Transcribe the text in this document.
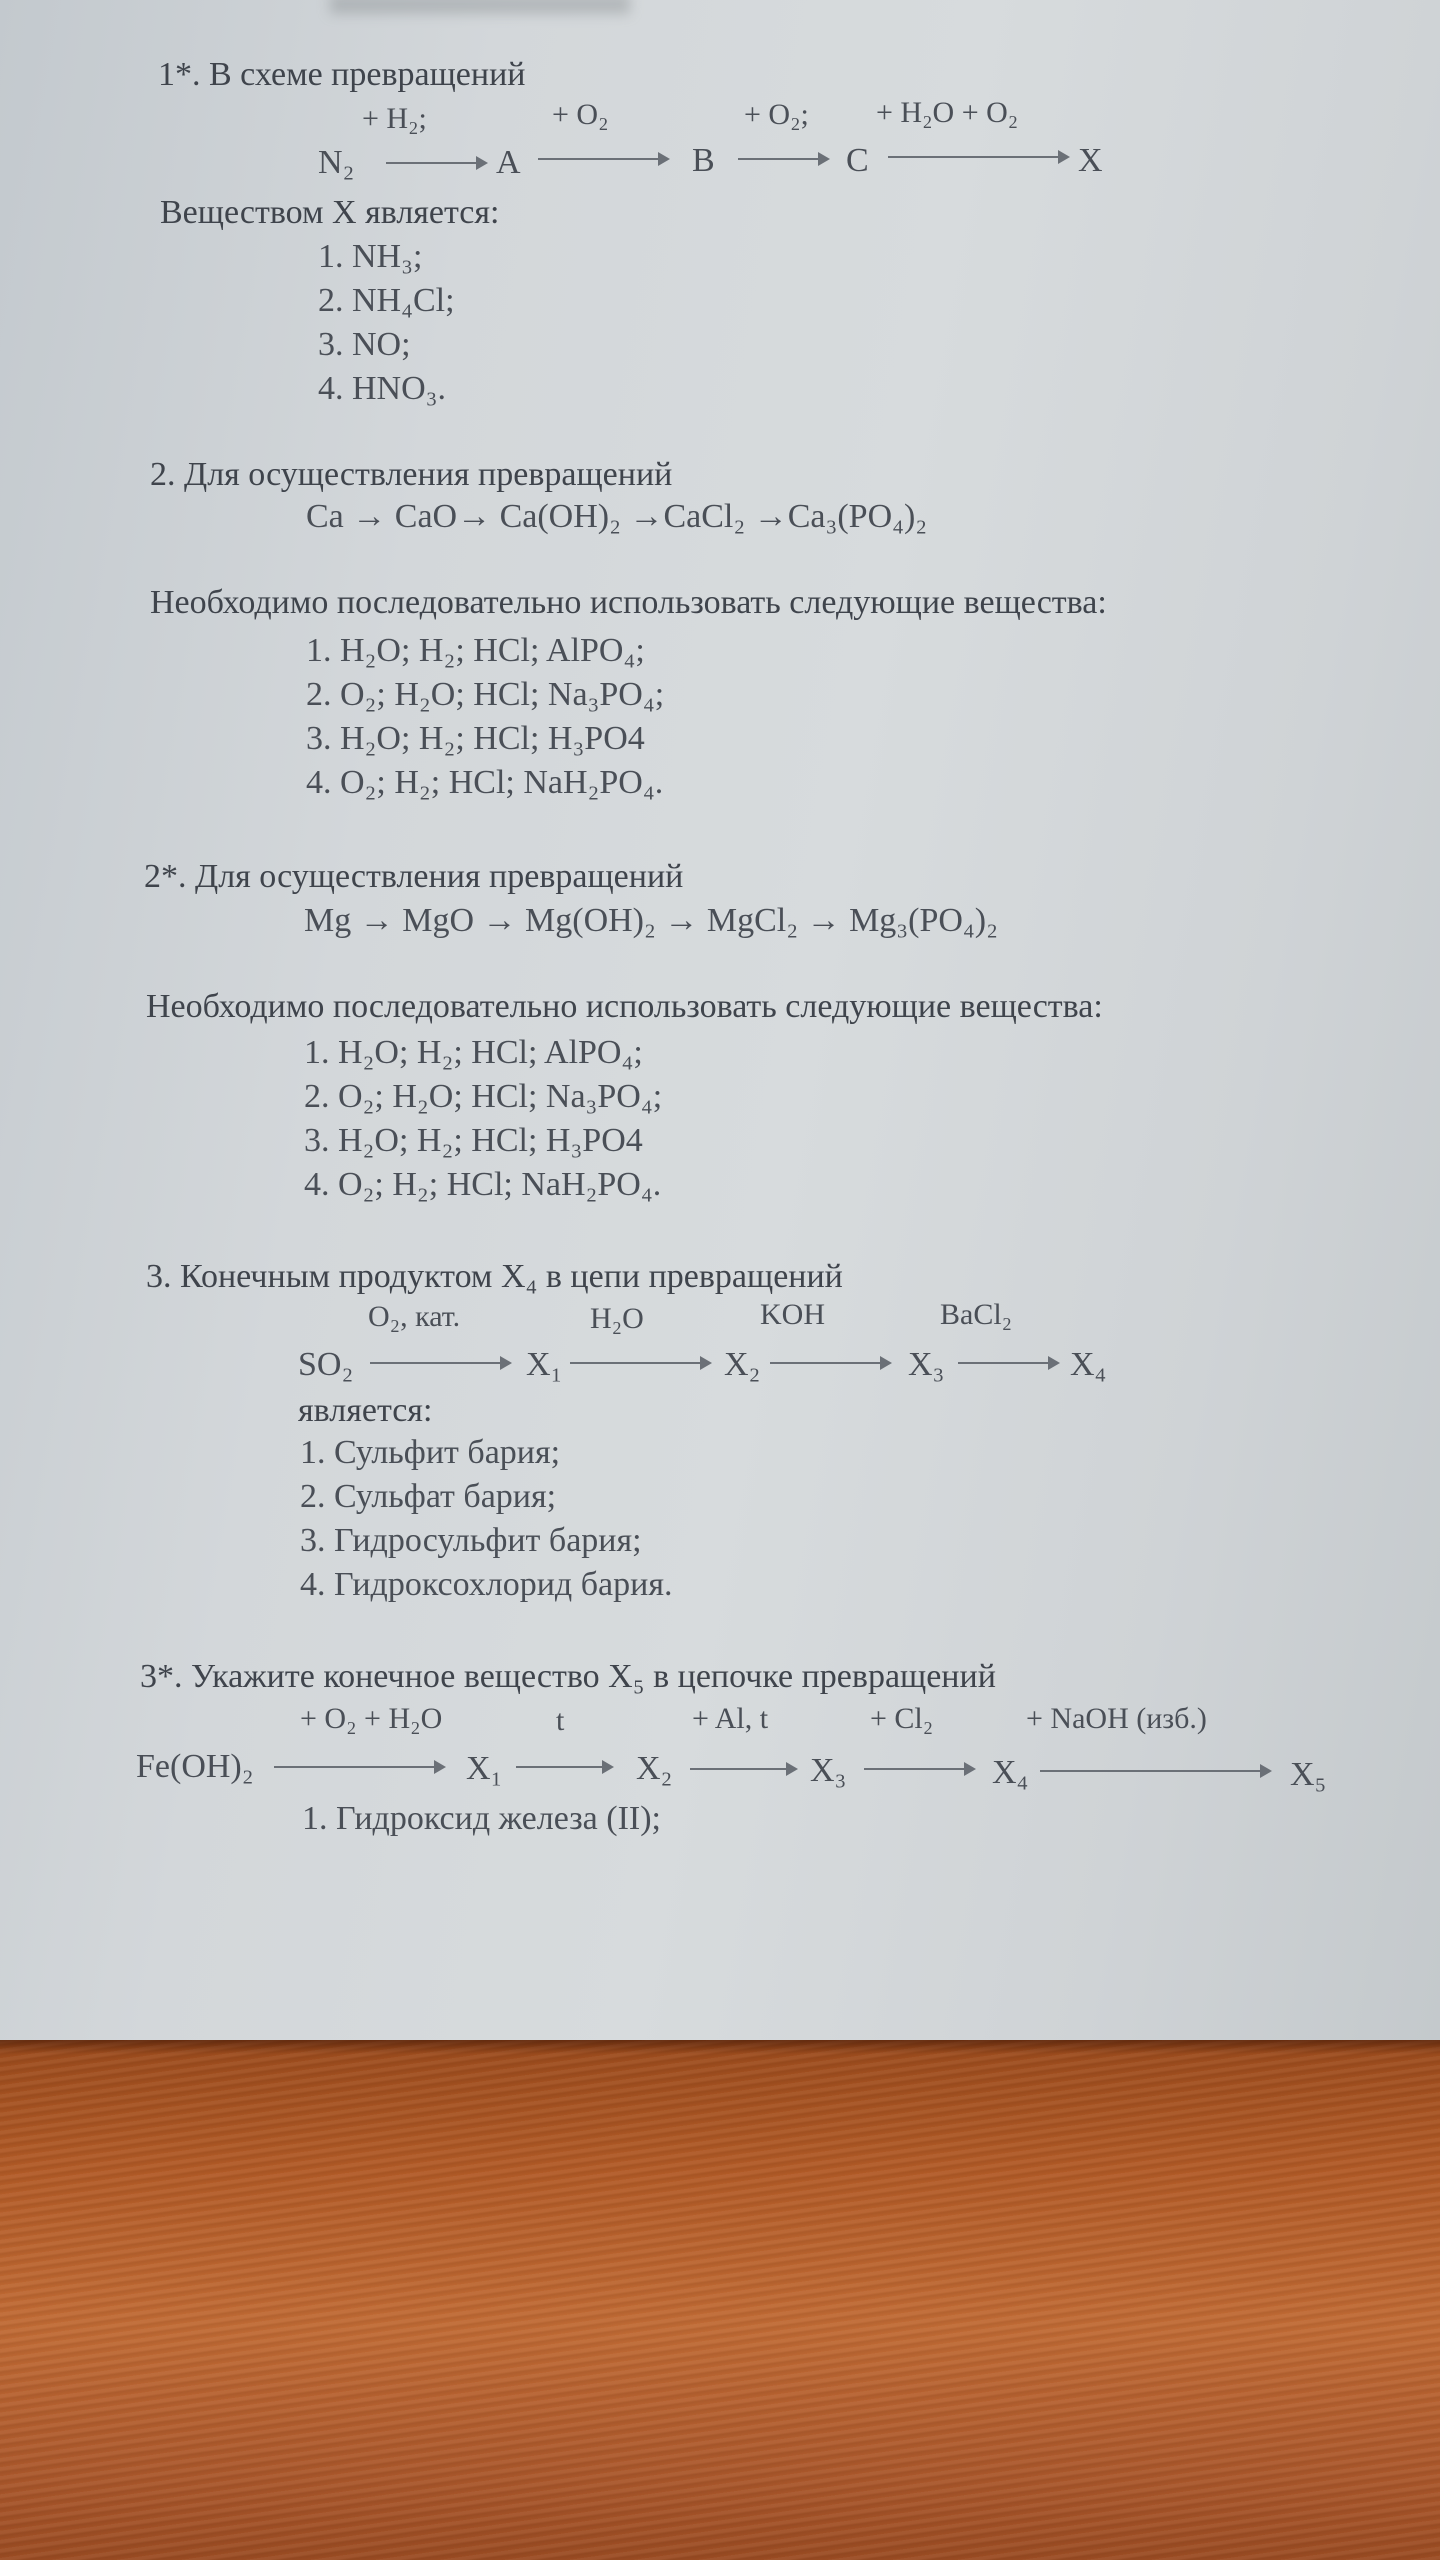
1*. В схеме превращений
+ H₂;	+ O₂	+ O₂; + H₂O + O₂
N₂	A	B	C	X
Веществом X является:
1. NH₃;
2. NH₄Cl;
3. NO;
4. HNO₃.
2. Для осуществления превращений
Ca → CaO→ Ca(OH)₂ →CaCl₂ →Ca₃(PO₄)₂
Необходимо последовательно использовать следующие вещества:
1. H₂O; H₂; HCl; AlPO₄;
2. O₂; H₂O; HCl; Na₃PO₄;
3. H₂O; H₂; HCl; H₃PO4
4. O₂; H₂; HCl; NaH₂PO₄.
2*. Для осуществления превращений
Mg → MgO → Mg(OH)₂ → MgCl₂ → Mg₃(PO₄)₂
Необходимо последовательно использовать следующие вещества:
1. H₂O; H₂; HCl; AlPO₄;
2. O₂; H₂O; HCl; Na₃PO₄;
3. H₂O; H₂; HCl; H₃PO4
4. O₂; H₂; HCl; NaH₂PO₄.
3. Конечным продуктом X₄ в цепи превращений
O₂, кат.	H₂O	KOH	BaCl₂
SO₂	X₁	X₂	X₃	X₄
является:
1. Сульфит бария;
2. Сульфат бария;
3. Гидросульфит бария;
4. Гидроксохлорид бария.
3*. Укажите конечное вещество X₅ в цепочке превращений
+ O₂ + H₂O	t	+ Al, t	+ Cl₂	+ NaOH (изб.)
Fe(OH)₂	X₁	X₂	X₃	X₄	X₅
1. Гидроксид железа (II);
